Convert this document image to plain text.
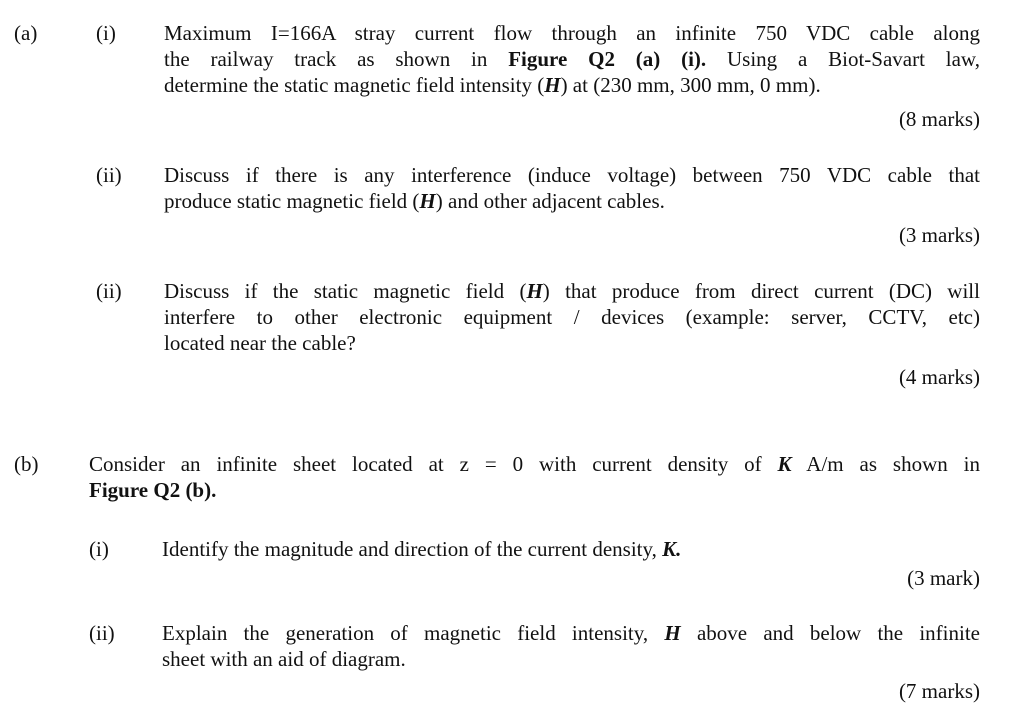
(a)	(i) Maximum I=166A stray current flow through an infinite 750 VDC cable along

the railway track as shown in Figure Q2 (a) (i). Using a Biot-Savart law,

determine the static magnetic field intensity (H) at (230 mm, 300 mm, 0 mm).

(8 marks)
(ii) Discuss if there is any interference (induce voltage) between 750 VDC cable that

produce static magnetic field (H) and other adjacent cables.

(3 marks)
(ii) Discuss if the static magnetic field (H) that produce from direct current (DC) will

interfere to other electronic equipment / devices (example: server, CCTV, etc)

located near the cable?

(4 marks)
(b) Consider an infinite sheet located at z = 0 with current density of K A/m as shown in

Figure Q2 (b).

(i)	Identify the magnitude and direction of the current density, K.

(3 mark)
(ii) Explain the generation of magnetic field intensity, H above and below the infinite

sheet with an aid of diagram.

(7 marks)
